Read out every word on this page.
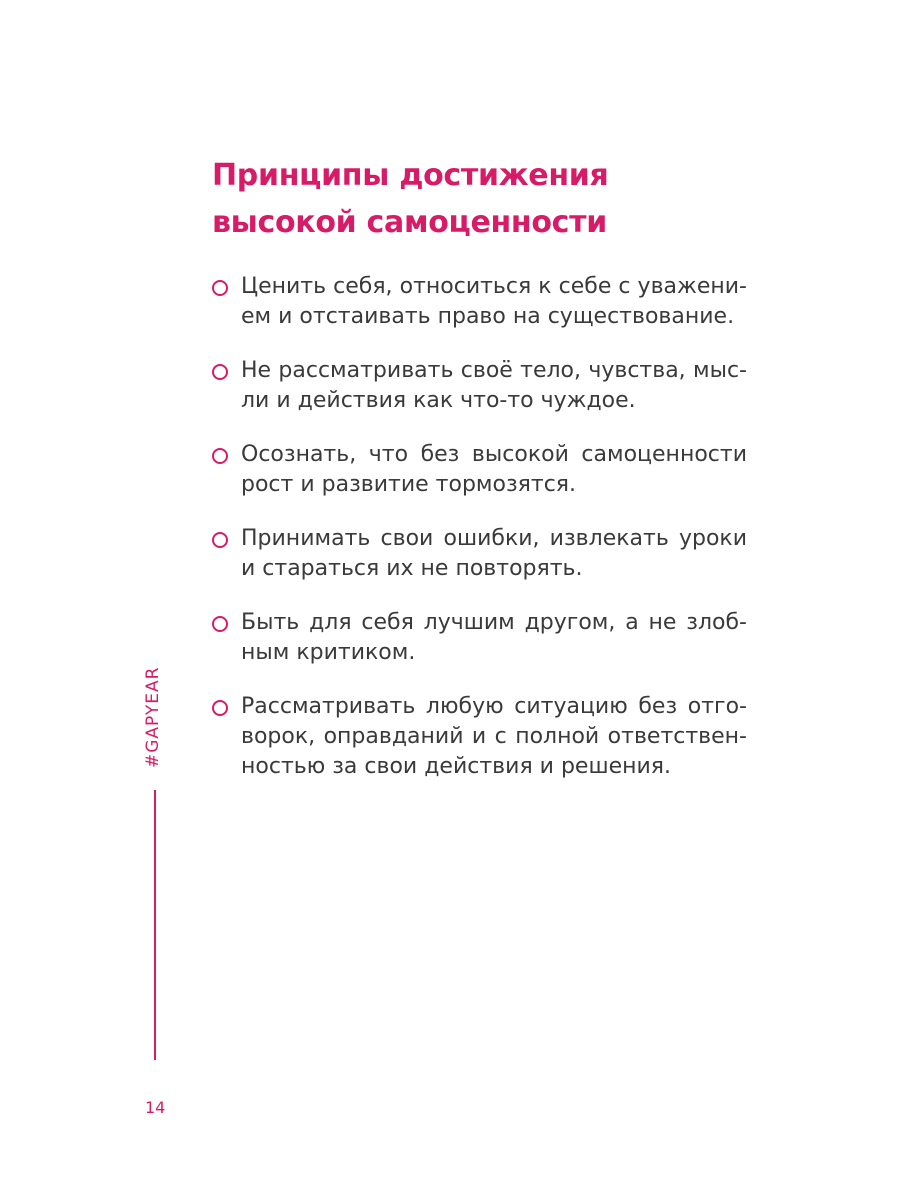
Принципы достижения
высокой самоценности
Ценить себя, относиться к себе с уважени-
ем и отстаивать право на существование.
Не рассматривать своё тело, чувства, мыс-
ли и действия как что-то чуждое.
Осознать, что без высокой самоценности
рост и развитие тормозятся.
Принимать свои ошибки, извлекать уроки
и стараться их не повторять.
Быть для себя лучшим другом, а не злоб-
ным критиком.
Рассматривать любую ситуацию без отго-
ворок, оправданий и с полной ответствен-
ностью за свои действия и решения.
#GAPYEAR
14
